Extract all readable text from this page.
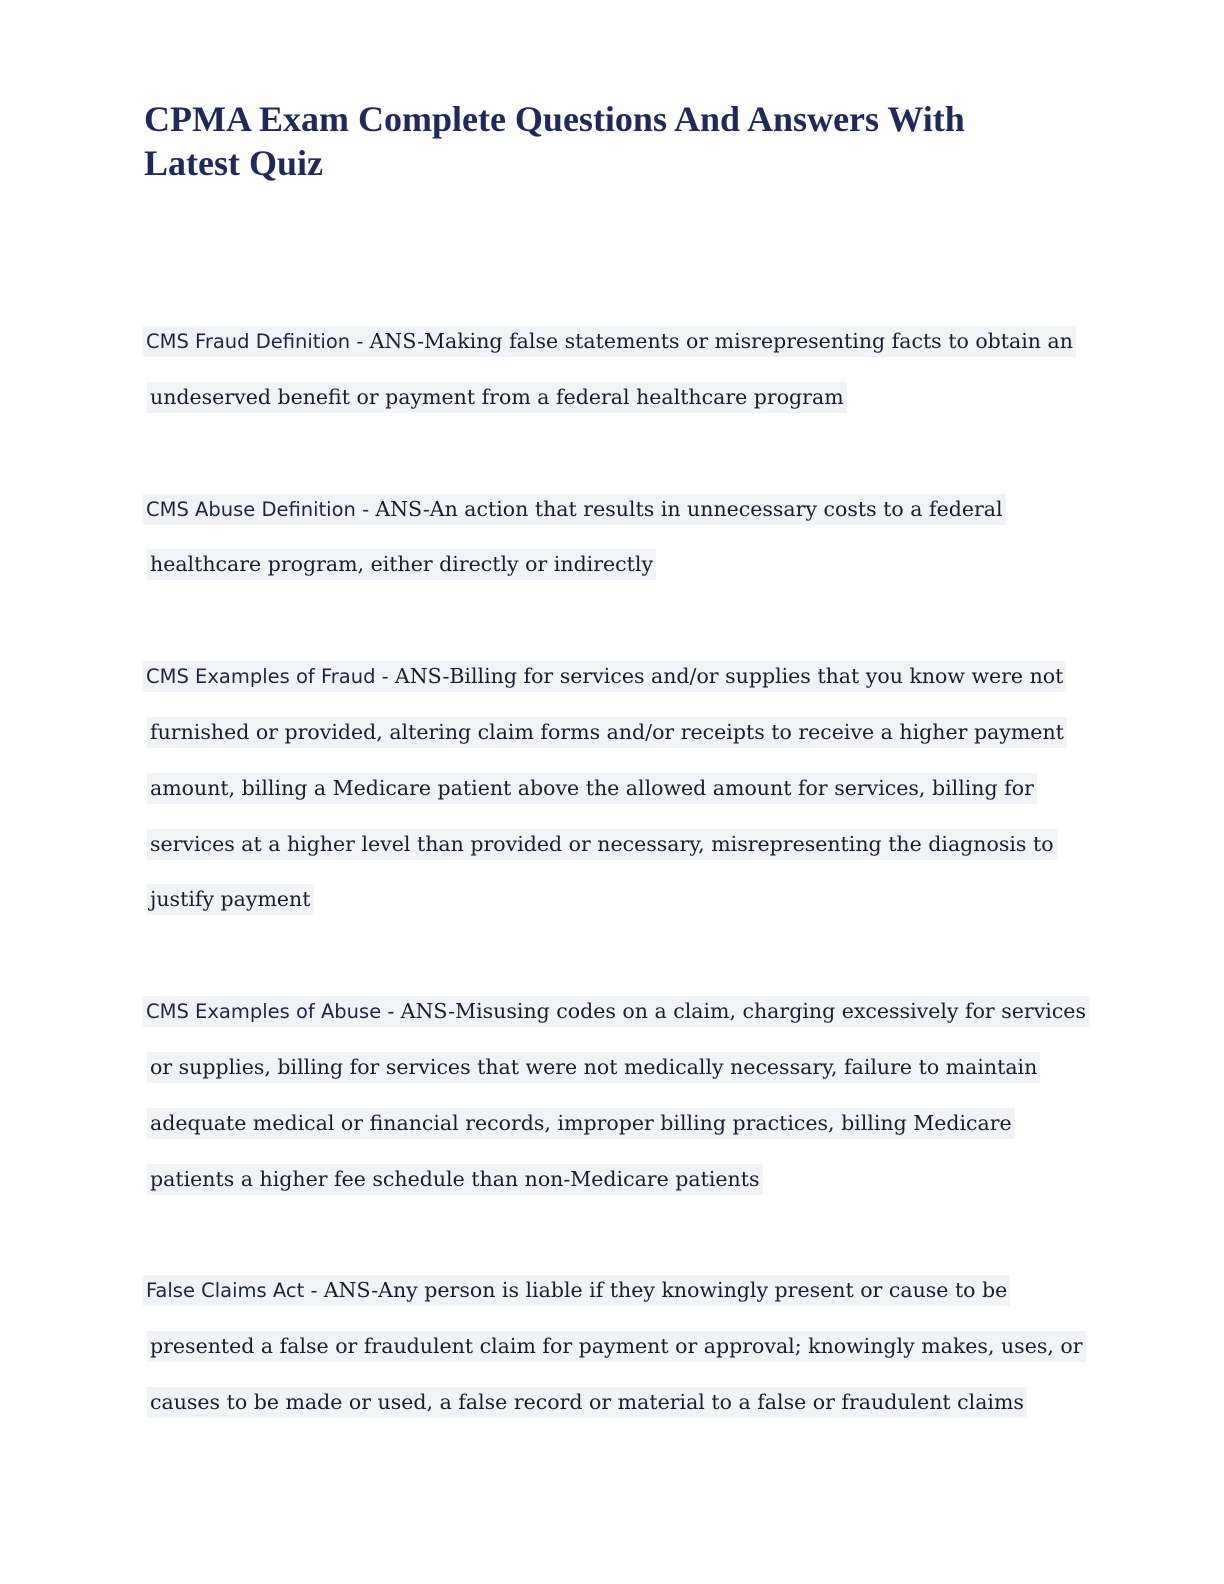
CPMA Exam Complete Questions And Answers With
Latest Quiz

CMS Fraud Definition - ANS-Making false statements or misrepresenting facts to obtain an
undeserved benefit or payment from a federal healthcare program

CMS Abuse Definition - ANS-An action that results in unnecessary costs to a federal
healthcare program, either directly or indirectly

CMS Examples of Fraud - ANS-Billing for services and/or supplies that you know were not
furnished or provided, altering claim forms and/or receipts to receive a higher payment
amount, billing a Medicare patient above the allowed amount for services, billing for
services at a higher level than provided or necessary, misrepresenting the diagnosis to
justify payment

CMS Examples of Abuse - ANS-Misusing codes on a claim, charging excessively for services
or supplies, billing for services that were not medically necessary, failure to maintain
adequate medical or financial records, improper billing practices, billing Medicare
patients a higher fee schedule than non-Medicare patients

False Claims Act - ANS-Any person is liable if they knowingly present or cause to be
presented a false or fraudulent claim for payment or approval; knowingly makes, uses, or
causes to be made or used, a false record or material to a false or fraudulent claims
